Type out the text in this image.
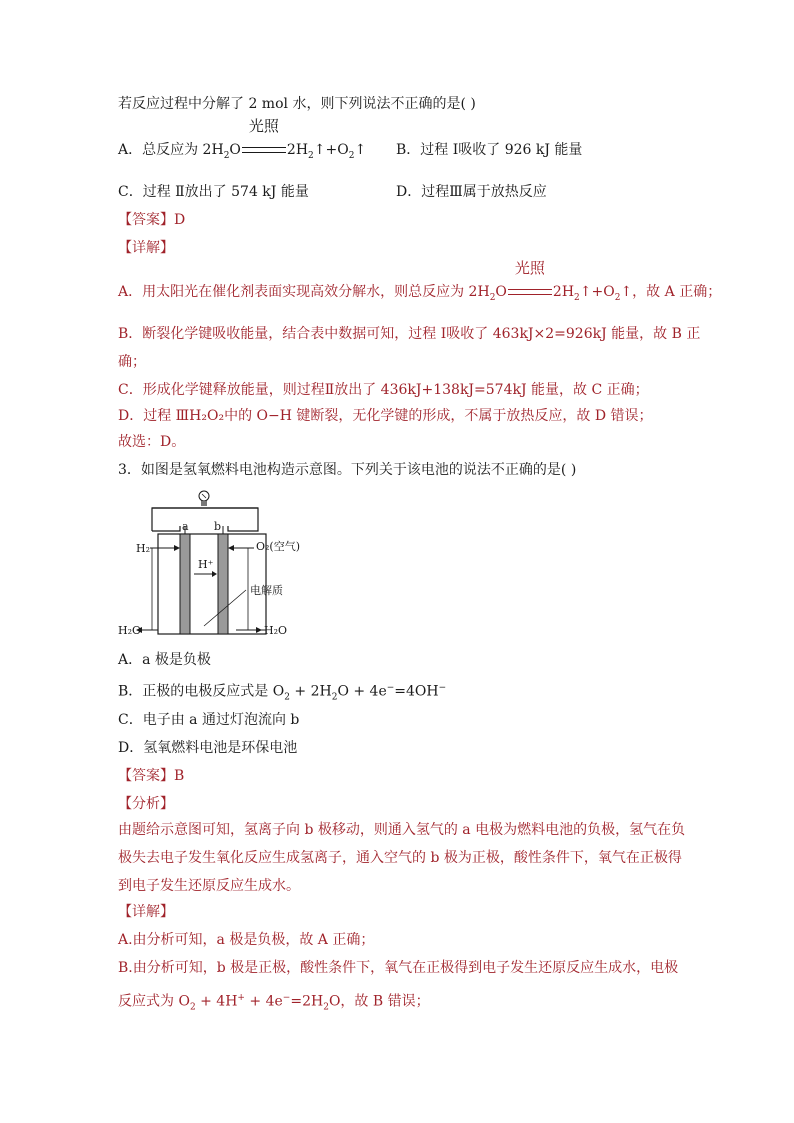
若反应过程中分解了 2 mol 水，则下列说法不正确的是( )
A．总反应为 $2H_2O$
光照
$2H_2↑+O_2↑$ B．过程 Ⅰ吸收了 926 kJ 能量
C．过程 Ⅱ放出了 574 kJ 能量	D．过程Ⅲ属于放热反应
【答案】D
【详解】
A．用太阳光在催化剂表面实现高效分解水，则总反应为 $2H_2O$
光照
$2H_2↑+O_2↑$，故 A 正确；
B．断裂化学键吸收能量，结合表中数据可知，过程 Ⅰ吸收了 463kJ×2=926kJ 能量，故 B 正
确；
C．形成化学键释放能量，则过程Ⅱ放出了 436kJ+138kJ=574kJ 能量，故 C 正确；
D．过程 ⅢH₂O₂中的 O−H 键断裂，无化学键的形成，不属于放热反应，故 D 错误；
故选：D。
3．如图是氢氧燃料电池构造示意图。下列关于该电池的说法不正确的是( )
a b
H₂	O₂(空气)
H⁺
电解质
H₂O	H₂O
A．a 极是负极
B．正极的电极反应式是 $O_2 + 2H_2O + 4e^-=4OH^-$
C．电子由 a 通过灯泡流向 b
D．氢氧燃料电池是环保电池
【答案】B
【分析】
由题给示意图可知，氢离子向 b 极移动，则通入氢气的 a 电极为燃料电池的负极，氢气在负
极失去电子发生氧化反应生成氢离子，通入空气的 b 极为正极，酸性条件下，氧气在正极得
到电子发生还原反应生成水。
【详解】
A.由分析可知，a 极是负极，故 A 正确；
B.由分析可知，b 极是正极，酸性条件下，氧气在正极得到电子发生还原反应生成水，电极
反应式为 $O_2 + 4H^+ + 4e^-=2H_2O$，故 B 错误；
